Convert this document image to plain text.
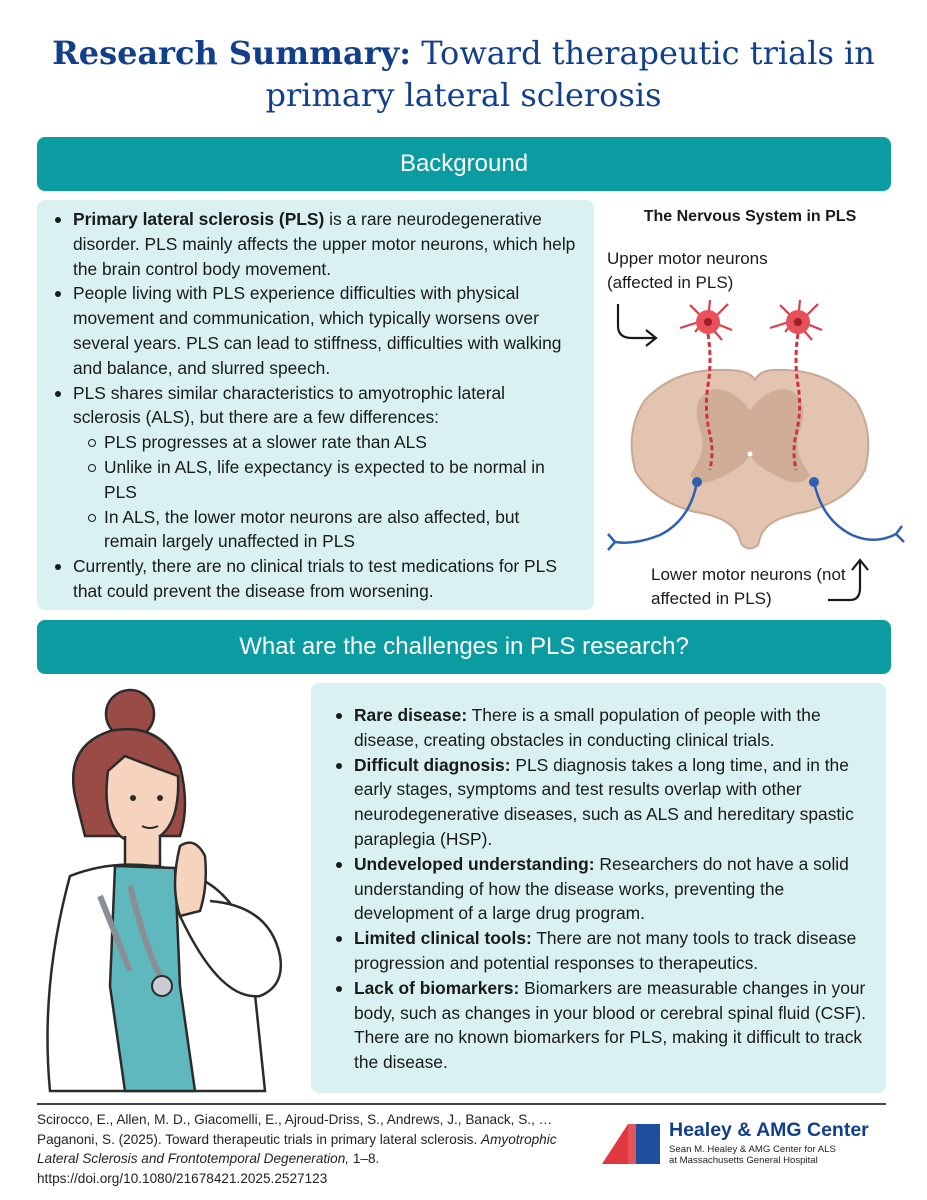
Research Summary: Toward therapeutic trials in
primary lateral sclerosis
Background
Primary lateral sclerosis (PLS) is a rare neurodegenerative disorder. PLS mainly affects the upper motor neurons, which help the brain control body movement.
People living with PLS experience difficulties with physical movement and communication, which typically worsens over several years. PLS can lead to stiffness, difficulties with walking and balance, and slurred speech.
PLS shares similar characteristics to amyotrophic lateral sclerosis (ALS), but there are a few differences:
PLS progresses at a slower rate than ALS
Unlike in ALS, life expectancy is expected to be normal in PLS
In ALS, the lower motor neurons are also affected, but remain largely unaffected in PLS
Currently, there are no clinical trials to test medications for PLS that could prevent the disease from worsening.
The Nervous System in PLS
Upper motor neurons (affected in PLS)
Lower motor neurons (not affected in PLS)
What are the challenges in PLS research?
Rare disease: There is a small population of people with the disease, creating obstacles in conducting clinical trials.
Difficult diagnosis: PLS diagnosis takes a long time, and in the early stages, symptoms and test results overlap with other neurodegenerative diseases, such as ALS and hereditary spastic paraplegia (HSP).
Undeveloped understanding: Researchers do not have a solid understanding of how the disease works, preventing the development of a large drug program.
Limited clinical tools: There are not many tools to track disease progression and potential responses to therapeutics.
Lack of biomarkers: Biomarkers are measurable changes in your body, such as changes in your blood or cerebral spinal fluid (CSF). There are no known biomarkers for PLS, making it difficult to track the disease.
Scirocco, E., Allen, M. D., Giacomelli, E., Ajroud-Driss, S., Andrews, J., Banack, S., … Paganoni, S. (2025). Toward therapeutic trials in primary lateral sclerosis. Amyotrophic Lateral Sclerosis and Frontotemporal Degeneration, 1–8. https://doi.org/10.1080/21678421.2025.2527123
Healey & AMG Center
Sean M. Healey & AMG Center for ALS
at Massachusetts General Hospital
